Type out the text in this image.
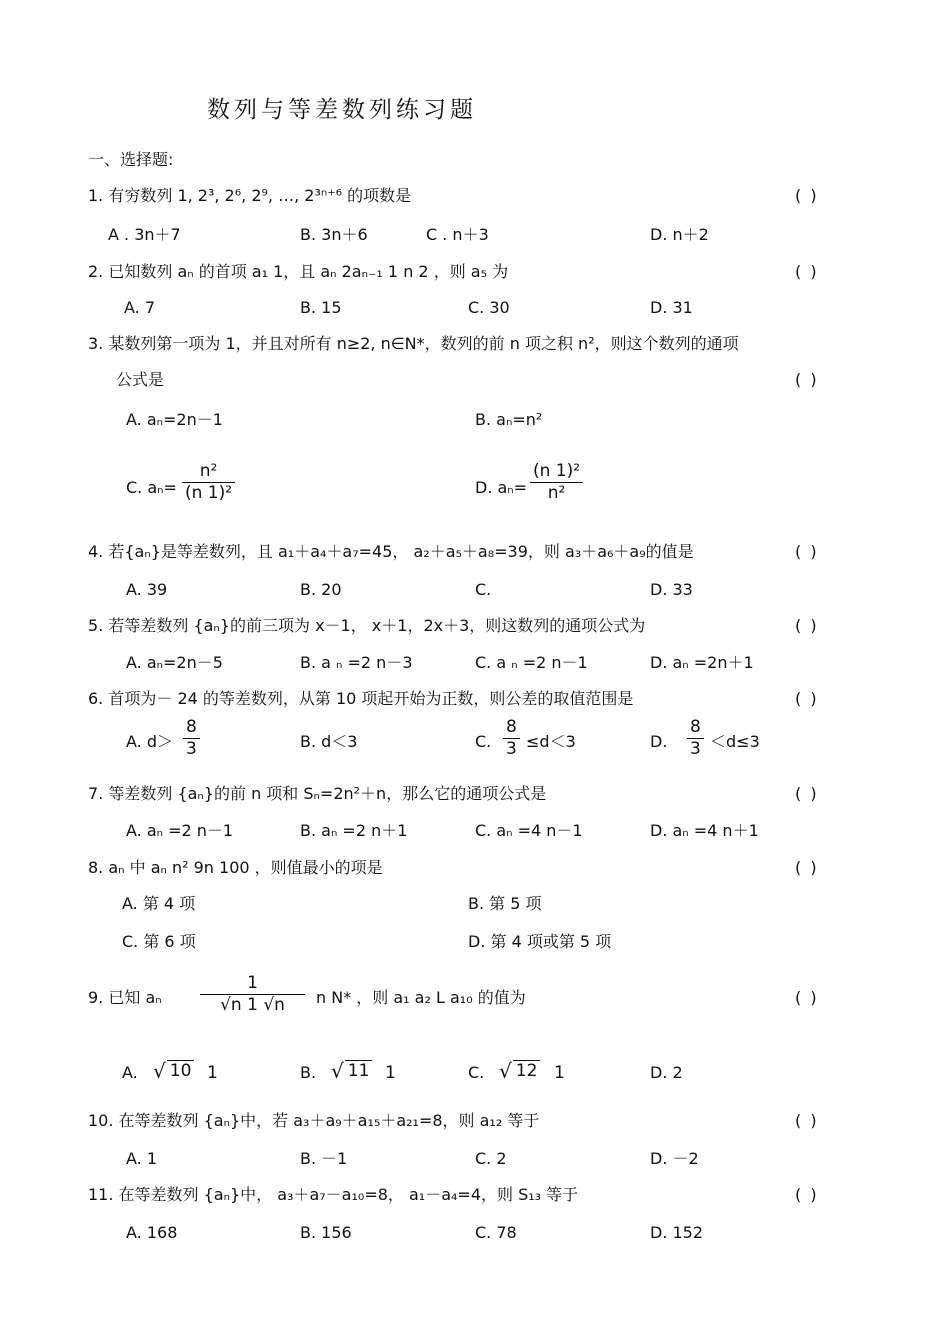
数列与等差数列练习题
一、选择题:
1. 有穷数列 1, 2³, 2⁶, 2⁹, …, 2³ⁿ⁺⁶ 的项数是	( )
A . 3n＋7	B. 3n＋6	C . n＋3	D. n＋2
2. 已知数列 aₙ 的首项 a₁ 1，且 aₙ 2aₙ₋₁ 1 n 2 ，则 a₅ 为	( )
A. 7	B. 15	C. 30	D. 31
3. 某数列第一项为 1，并且对所有 n≥2, n∈N*，数列的前 n 项之积 n²，则这个数列的通项
公式是	( )
A. aₙ=2n－1	B. aₙ=n²
C. aₙ=
n²
(n 1)²	D. aₙ=
(n 1)²
n²
4. 若{aₙ}是等差数列，且 a₁＋a₄＋a₇=45， a₂＋a₅＋a₈=39，则 a₃＋a₆＋a₉的值是	( )
A. 39	B. 20	C.	D. 33
5. 若等差数列 {aₙ}的前三项为 x－1， x＋1，2x＋3，则这数列的通项公式为	( )
A. aₙ=2n－5	B. a ₙ =2 n－3	C. a ₙ =2 n－1	D. aₙ =2n＋1
6. 首项为－ 24 的等差数列，从第 10 项起开始为正数，则公差的取值范围是	( )
A. d＞
8
3	B. d＜3	C.
8
3 ≤d＜3	D.
8
3 ＜d≤3
7. 等差数列 {aₙ}的前 n 项和 Sₙ=2n²＋n，那么它的通项公式是	( )
A. aₙ =2 n－1	B. aₙ =2 n＋1	C. aₙ =4 n－1	D. aₙ =4 n＋1
8. aₙ 中 aₙ n² 9n 100 ，则值最小的项是	( )
A. 第 4 项	B. 第 5 项
C. 第 6 项	D. 第 4 项或第 5 项
9. 已知 aₙ
1
√n 1 √n n N* ，则 a₁ a₂ L a₁₀ 的值为	( )
A. √ 10 1	B. √ 11 1	C. √ 12 1	D. 2
10. 在等差数列 {aₙ}中，若 a₃＋a₉＋a₁₅＋a₂₁=8，则 a₁₂ 等于	( )
A. 1	B. －1	C. 2	D. －2
11. 在等差数列 {aₙ}中， a₃＋a₇－a₁₀=8， a₁－a₄=4，则 S₁₃ 等于	( )
A. 168	B. 156	C. 78	D. 152
